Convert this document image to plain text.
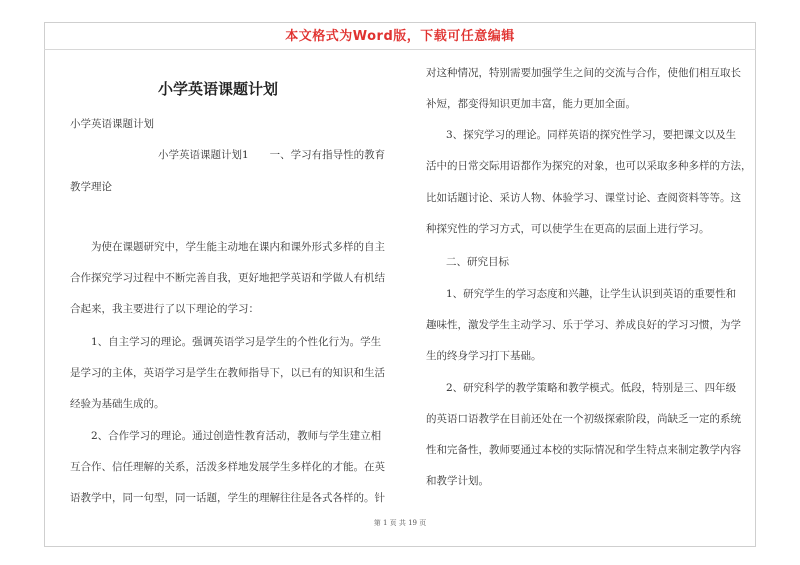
本文格式为Word版，下载可任意编辑
小学英语课题计划
小学英语课题计划
小学英语课题计划1　　一、学习有指导性的教育
教学理论
为使在课题研究中，学生能主动地在课内和课外形式多样的自主
合作探究学习过程中不断完善自我，更好地把学英语和学做人有机结
合起来，我主要进行了以下理论的学习：
1、自主学习的理论。强调英语学习是学生的个性化行为。学生
是学习的主体，英语学习是学生在教师指导下，以已有的知识和生活
经验为基础生成的。
2、合作学习的理论。通过创造性教育活动，教师与学生建立相
互合作、信任理解的关系，活泼多样地发展学生多样化的才能。在英
语教学中，同一句型，同一话题，学生的理解往往是各式各样的。针
对这种情况，特别需要加强学生之间的交流与合作，使他们相互取长
补短，都变得知识更加丰富，能力更加全面。
3、探究学习的理论。同样英语的探究性学习，要把课文以及生
活中的日常交际用语都作为探究的对象，也可以采取多种多样的方法，
比如话题讨论、采访人物、体验学习、课堂讨论、查阅资料等等。这
种探究性的学习方式，可以使学生在更高的层面上进行学习。
二、研究目标
1、研究学生的学习态度和兴趣，让学生认识到英语的重要性和
趣味性，激发学生主动学习、乐于学习、养成良好的学习习惯，为学
生的终身学习打下基础。
2、研究科学的教学策略和教学模式。低段，特别是三、四年级
的英语口语教学在目前还处在一个初级探索阶段，尚缺乏一定的系统
性和完备性，教师要通过本校的实际情况和学生特点来制定教学内容
和教学计划。
第 1 页 共 19 页
